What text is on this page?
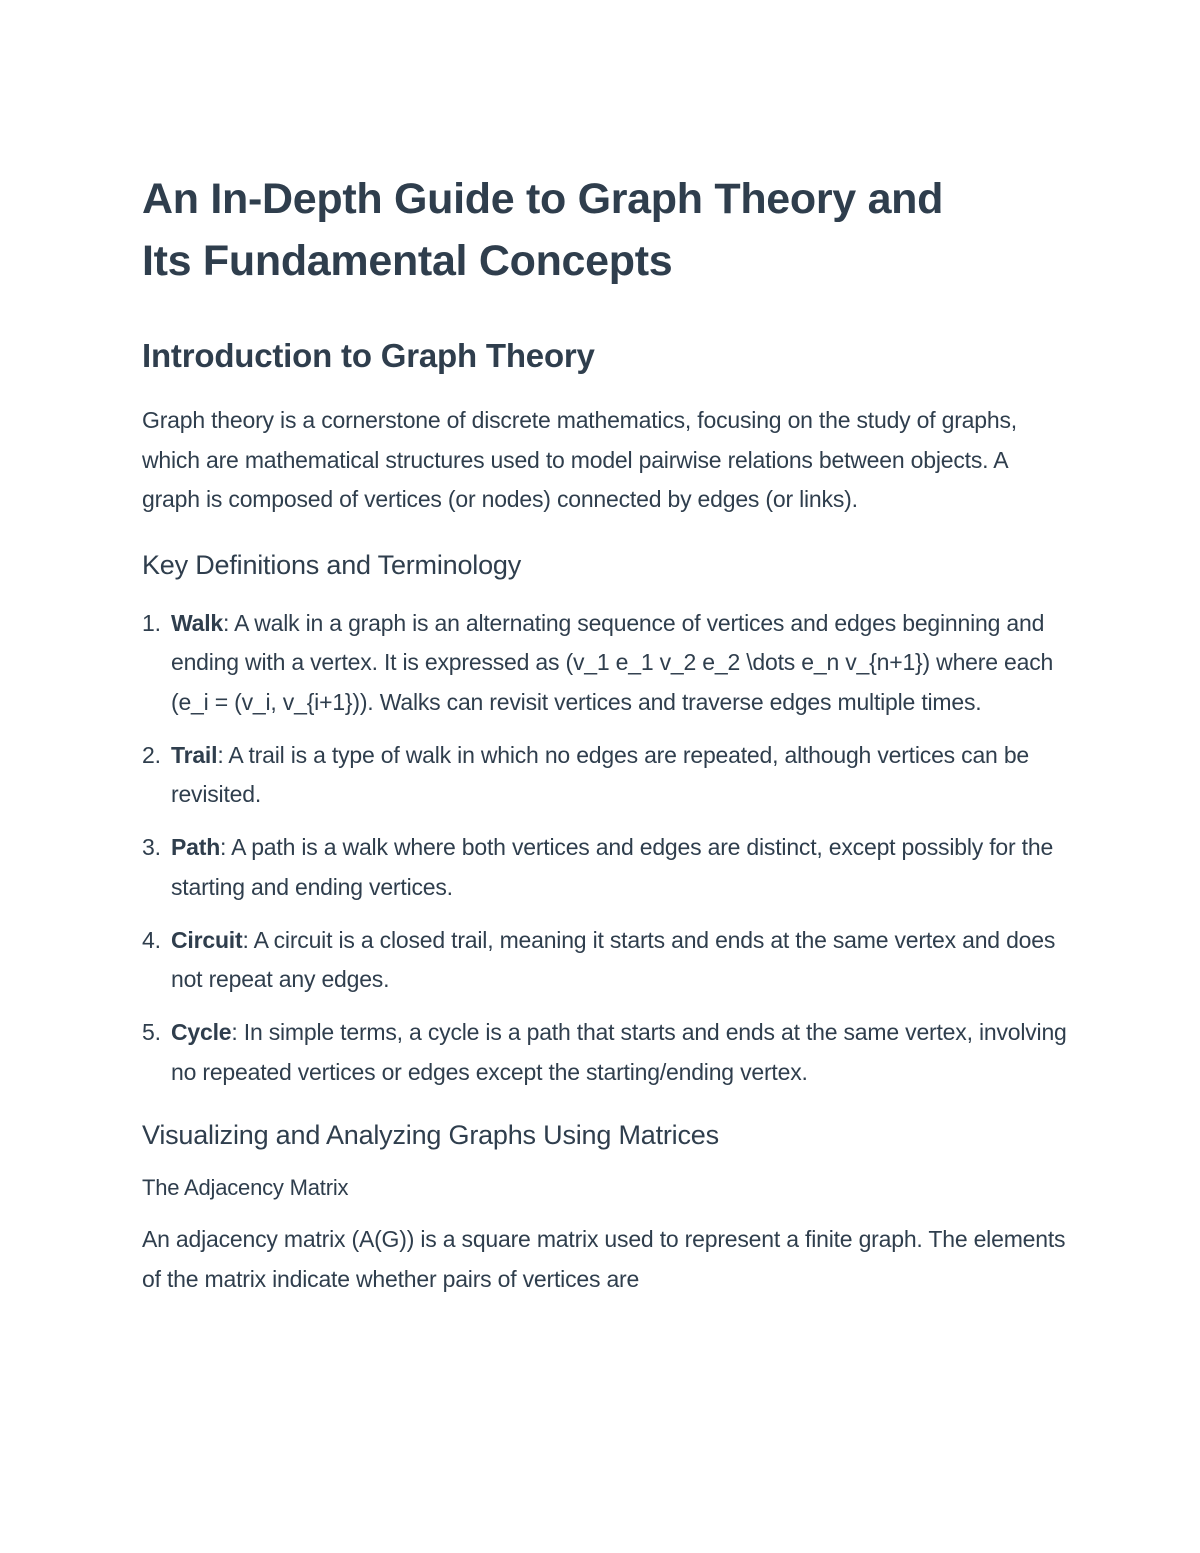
An In-Depth Guide to Graph Theory and
Its Fundamental Concepts
Introduction to Graph Theory

Graph theory is a cornerstone of discrete mathematics, focusing on the study of graphs, which are mathematical structures used to model pairwise relations between objects. A graph is composed of vertices (or nodes) connected by edges (or links).

Key Definitions and Terminology
1. Walk: A walk in a graph is an alternating sequence of vertices and edges beginning and ending with a vertex. It is expressed as (v_1 e_1 v_2 e_2 \dots e_n v_{n+1}) where each (e_i = (v_i, v_{i+1})). Walks can revisit vertices and traverse edges multiple times.
2. Trail: A trail is a type of walk in which no edges are repeated, although vertices can be revisited.
3. Path: A path is a walk where both vertices and edges are distinct, except possibly for the starting and ending vertices.
4. Circuit: A circuit is a closed trail, meaning it starts and ends at the same vertex and does not repeat any edges.
5. Cycle: In simple terms, a cycle is a path that starts and ends at the same vertex, involving no repeated vertices or edges except the starting/ending vertex.
Visualizing and Analyzing Graphs Using Matrices
The Adjacency Matrix

An adjacency matrix (A(G)) is a square matrix used to represent a finite graph. The elements of the matrix indicate whether pairs of vertices are
